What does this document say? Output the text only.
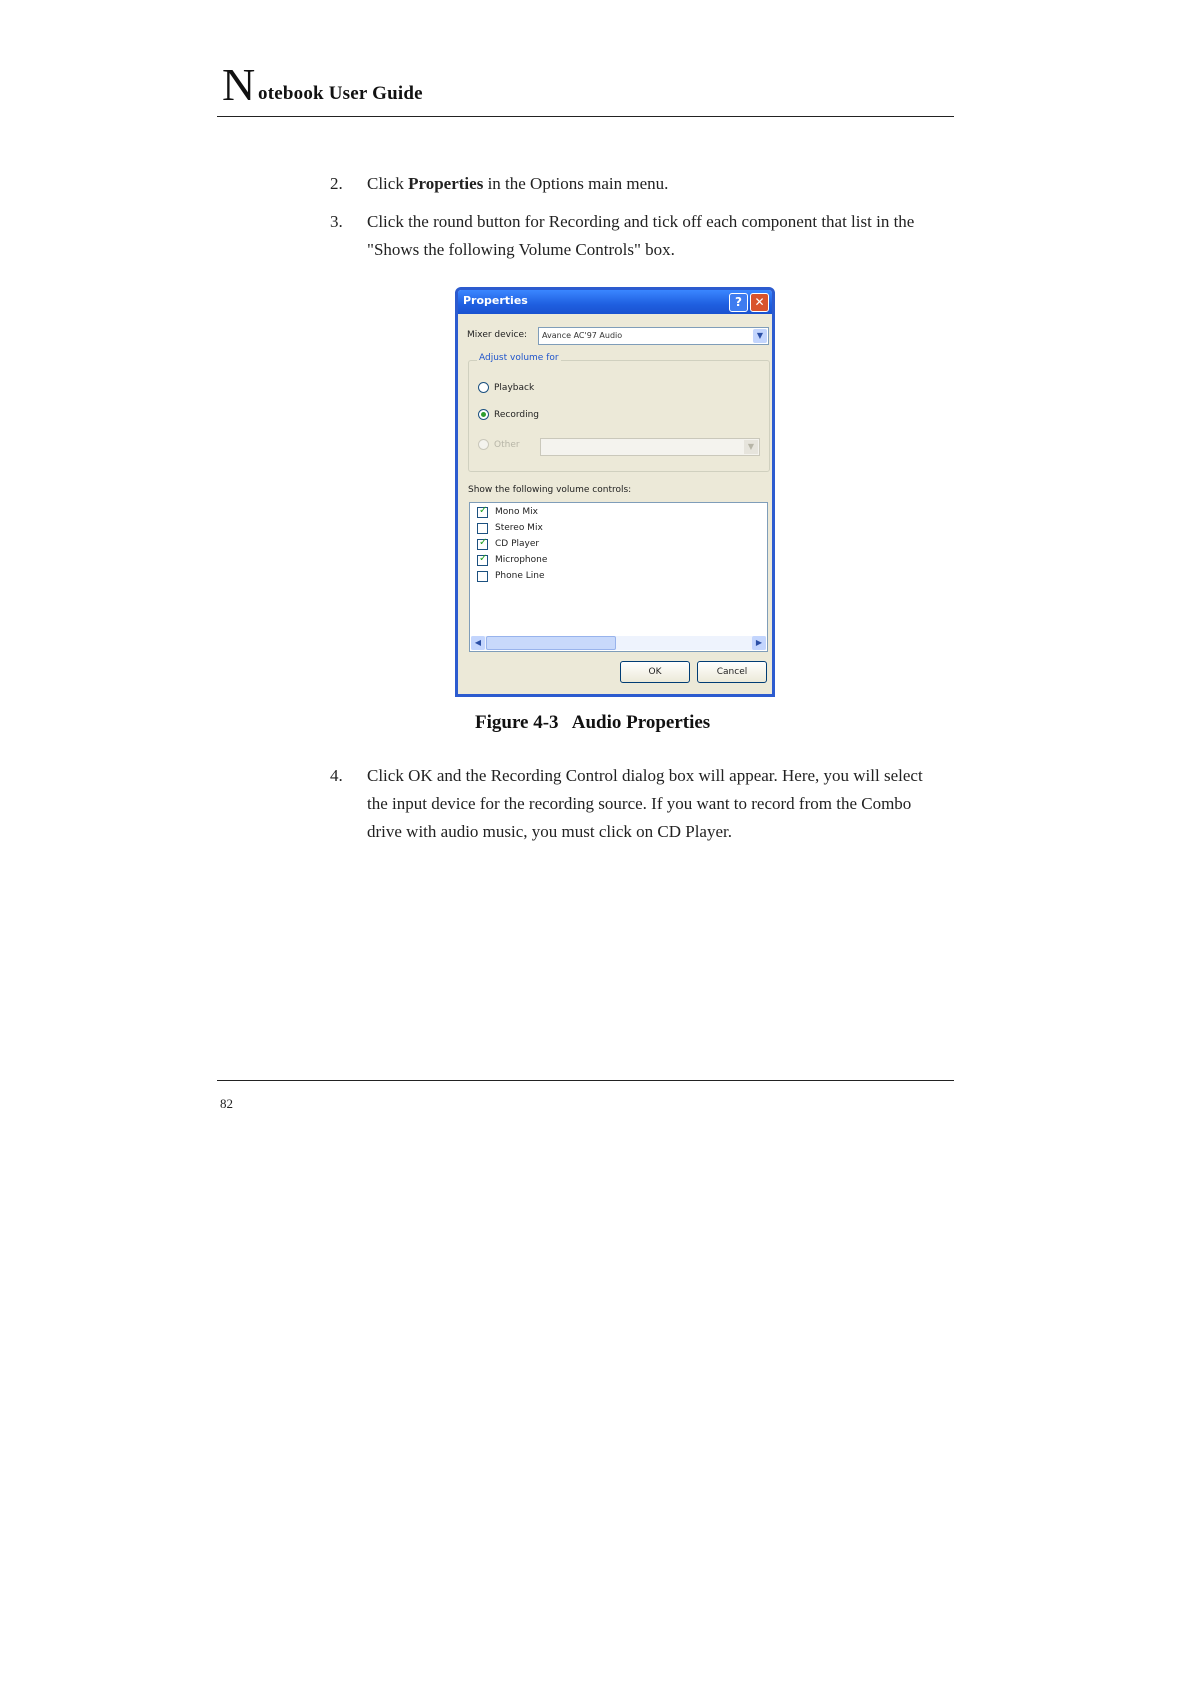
N otebook User Guide
2. Click Properties in the Options main menu.
3. Click the round button for Recording and tick off each component that list in the "Shows the following Volume Controls" box.
Properties	?	✕
Mixer device: Avance AC'97 Audio	▼
Adjust volume for
Playback
Recording
Other	▼
Show the following volume controls:
✓ Mono Mix
Stereo Mix
✓ CD Player
✓ Microphone
Phone Line
◀	▶
OK	Cancel
Figure 4-3   Audio Properties
4. Click OK and the Recording Control dialog box will appear. Here, you will select the input device for the recording source. If you want to record from the Combo drive with audio music, you must click on CD Player.
82
